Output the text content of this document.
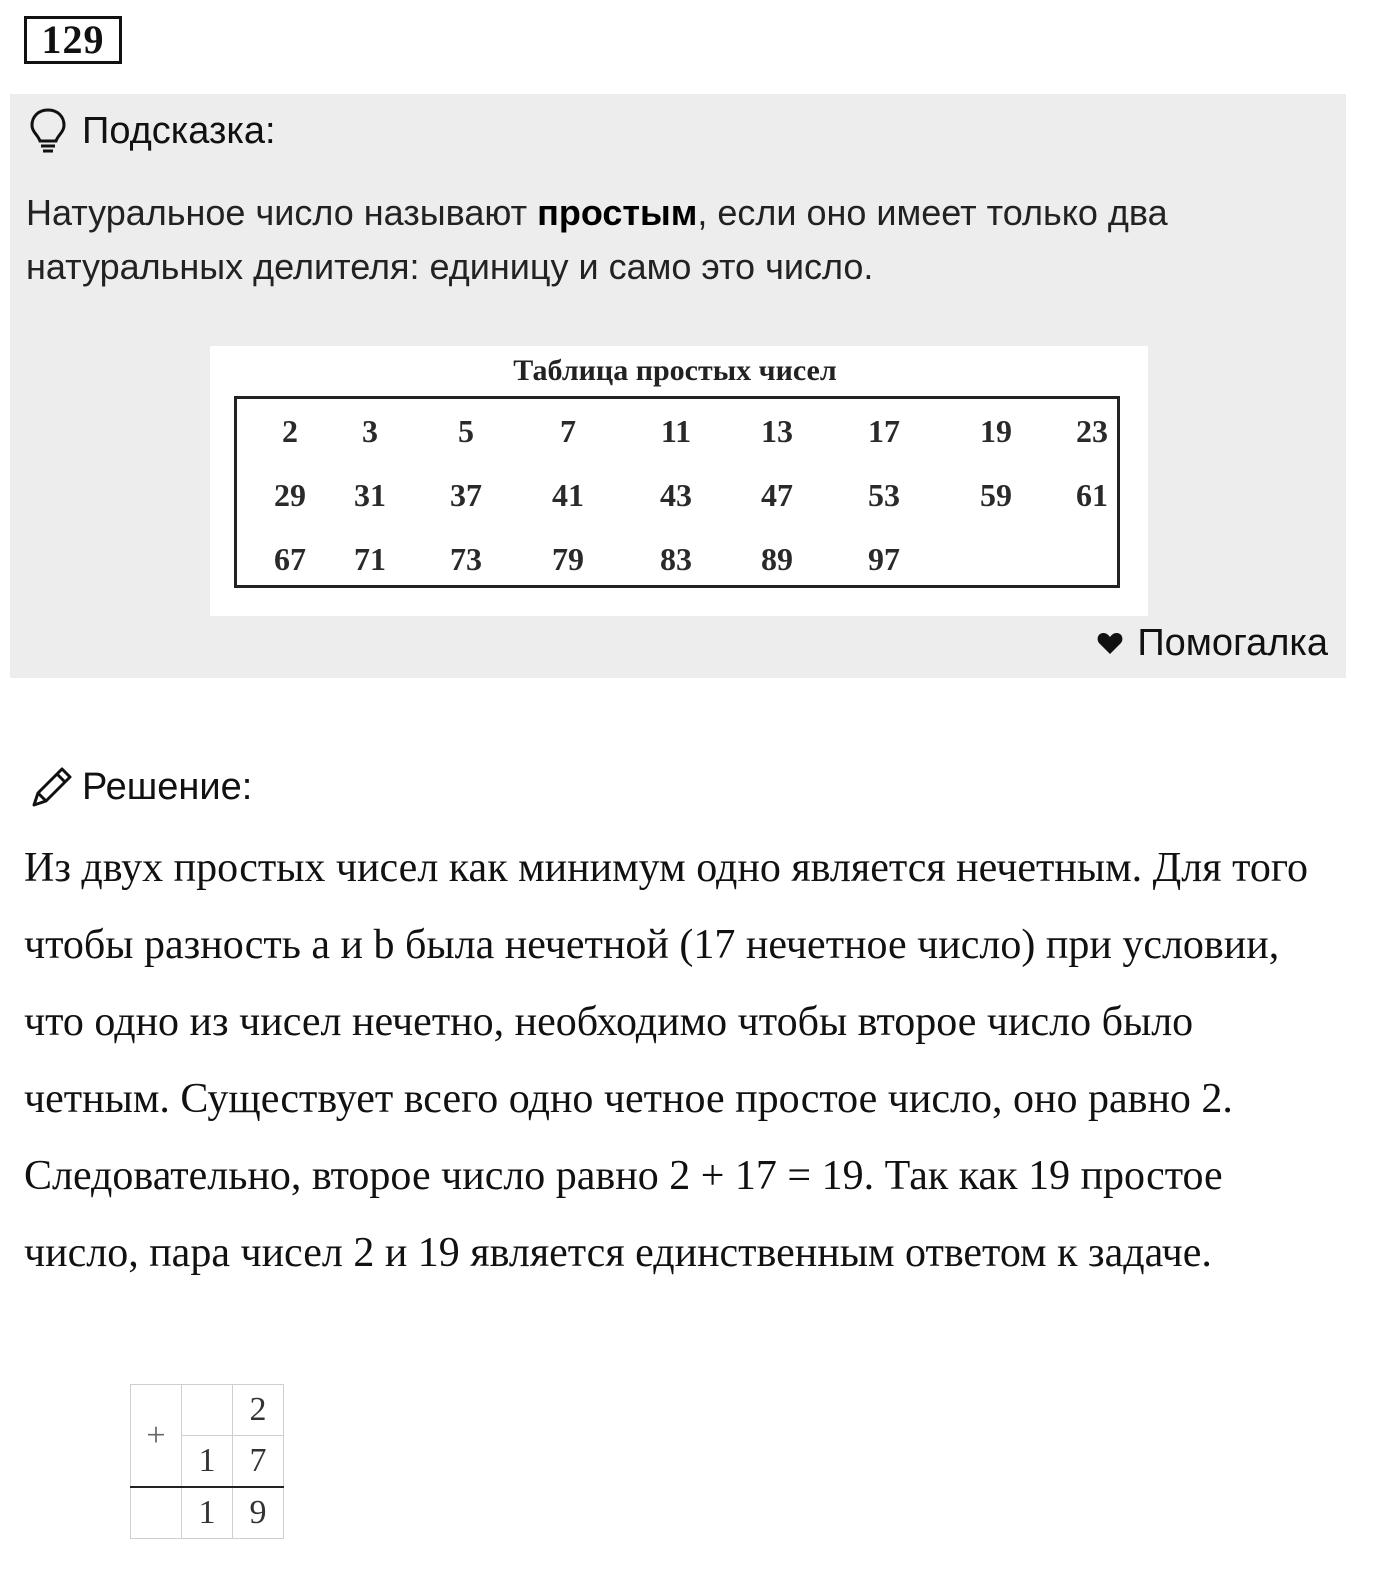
129
Подсказка:
Натуральное число называют простым, если оно имеет только два натуральных делителя: единицу и само это число.
Таблица простых чисел
2	3	5	7	11	13	17	19	23
29	31	37	41	43	47	53	59	61
67	71	73	79	83	89	97
Помогалка
Решение:
Из двух простых чисел как минимум одно является нечетным. Для того чтобы разность a и b была нечетной (17 нечетное число) при условии, что одно из чисел нечетно, необходимо чтобы второе число было четным. Существует всего одно четное простое число, оно равно 2. Следовательно, второе число равно 2 + 17 = 19. Так как 19 простое число, пара чисел 2 и 19 является единственным ответом к задаче.
+		2
	1	7
	1	9
